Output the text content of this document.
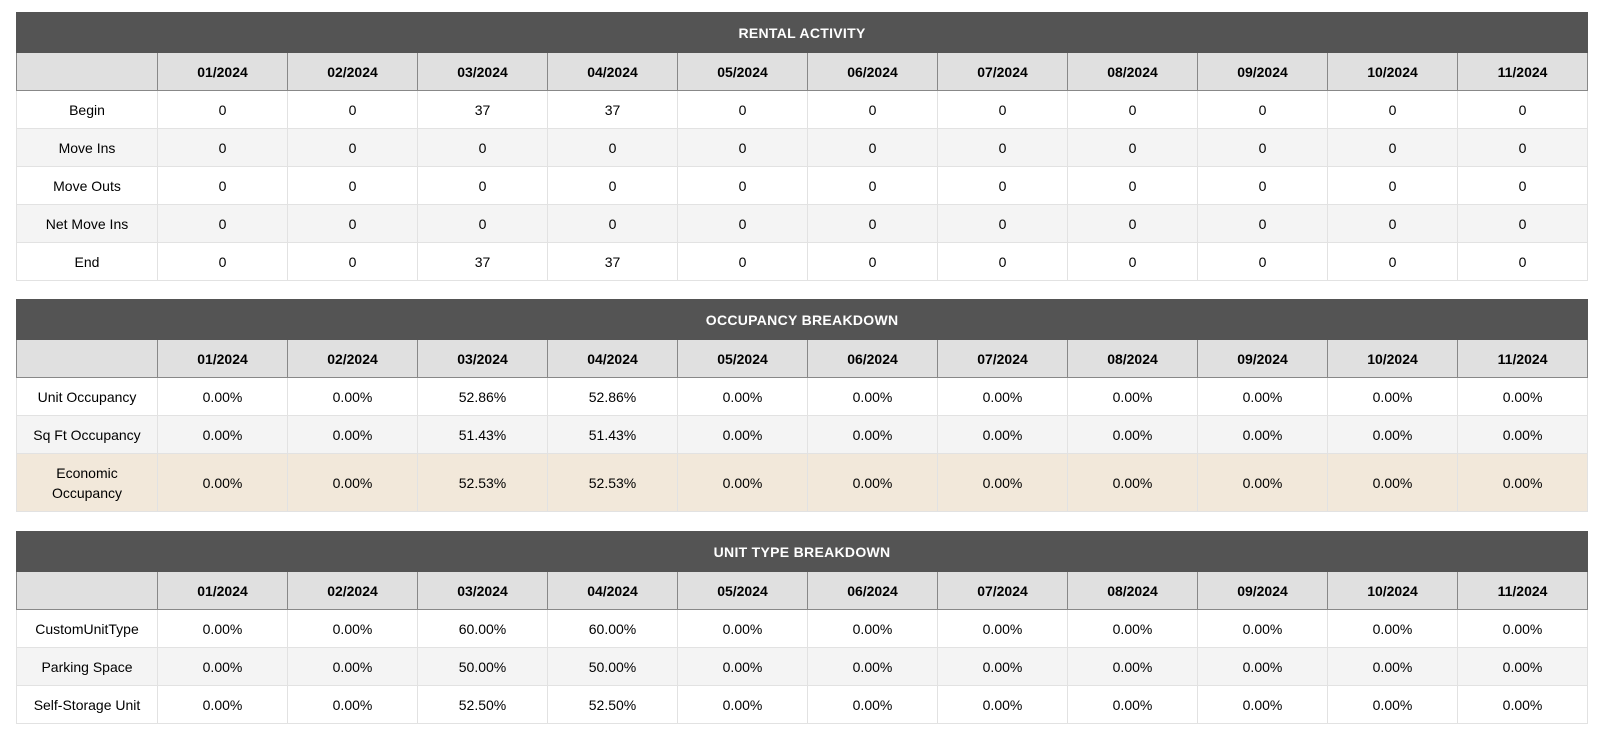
RENTAL ACTIVITY											
	01/2024	02/2024	03/2024	04/2024	05/2024	06/2024	07/2024	08/2024	09/2024	10/2024	11/2024
Begin	0	0	37	37	0	0	0	0	0	0	0
Move Ins	0	0	0	0	0	0	0	0	0	0	0
Move Outs	0	0	0	0	0	0	0	0	0	0	0
Net Move Ins	0	0	0	0	0	0	0	0	0	0	0
End	0	0	37	37	0	0	0	0	0	0	0
OCCUPANCY BREAKDOWN											
	01/2024	02/2024	03/2024	04/2024	05/2024	06/2024	07/2024	08/2024	09/2024	10/2024	11/2024
Unit Occupancy	0.00%	0.00%	52.86%	52.86%	0.00%	0.00%	0.00%	0.00%	0.00%	0.00%	0.00%
Sq Ft Occupancy	0.00%	0.00%	51.43%	51.43%	0.00%	0.00%	0.00%	0.00%	0.00%	0.00%	0.00%
Economic
Occupancy	0.00%	0.00%	52.53%	52.53%	0.00%	0.00%	0.00%	0.00%	0.00%	0.00%	0.00%
UNIT TYPE BREAKDOWN											
	01/2024	02/2024	03/2024	04/2024	05/2024	06/2024	07/2024	08/2024	09/2024	10/2024	11/2024
CustomUnitType	0.00%	0.00%	60.00%	60.00%	0.00%	0.00%	0.00%	0.00%	0.00%	0.00%	0.00%
Parking Space	0.00%	0.00%	50.00%	50.00%	0.00%	0.00%	0.00%	0.00%	0.00%	0.00%	0.00%
Self-Storage Unit	0.00%	0.00%	52.50%	52.50%	0.00%	0.00%	0.00%	0.00%	0.00%	0.00%	0.00%
